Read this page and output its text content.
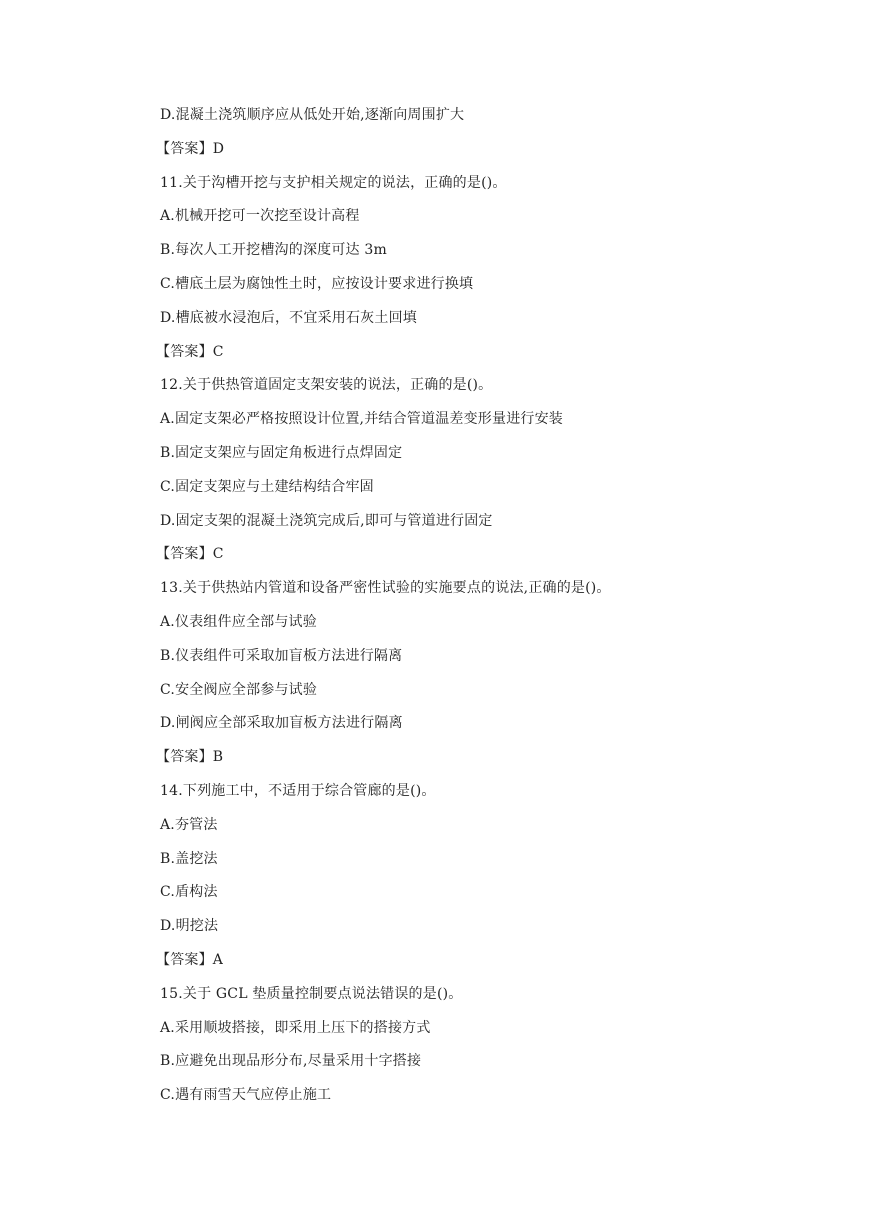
D.混凝土浇筑顺序应从低处开始,逐渐向周围扩大
【答案】D
11.关于沟槽开挖与支护相关规定的说法，正确的是()。
A.机械开挖可一次挖至设计高程
B.每次人工开挖槽沟的深度可达 3m
C.槽底土层为腐蚀性土时，应按设计要求进行换填
D.槽底被水浸泡后，不宜采用石灰土回填
【答案】C
12.关于供热管道固定支架安装的说法，正确的是()。
A.固定支架必严格按照设计位置,并结合管道温差变形量进行安装
B.固定支架应与固定角板进行点焊固定
C.固定支架应与土建结构结合牢固
D.固定支架的混凝土浇筑完成后,即可与管道进行固定
【答案】C
13.关于供热站内管道和设备严密性试验的实施要点的说法,正确的是()。
A.仪表组件应全部与试验
B.仪表组件可采取加盲板方法进行隔离
C.安全阀应全部参与试验
D.闸阀应全部采取加盲板方法进行隔离
【答案】B
14.下列施工中，不适用于综合管廊的是()。
A.夯管法
B.盖挖法
C.盾构法
D.明挖法
【答案】A
15.关于 GCL 垫质量控制要点说法错误的是()。
A.采用顺坡搭接，即采用上压下的搭接方式
B.应避免出现品形分布,尽量采用十字搭接
C.遇有雨雪天气应停止施工
